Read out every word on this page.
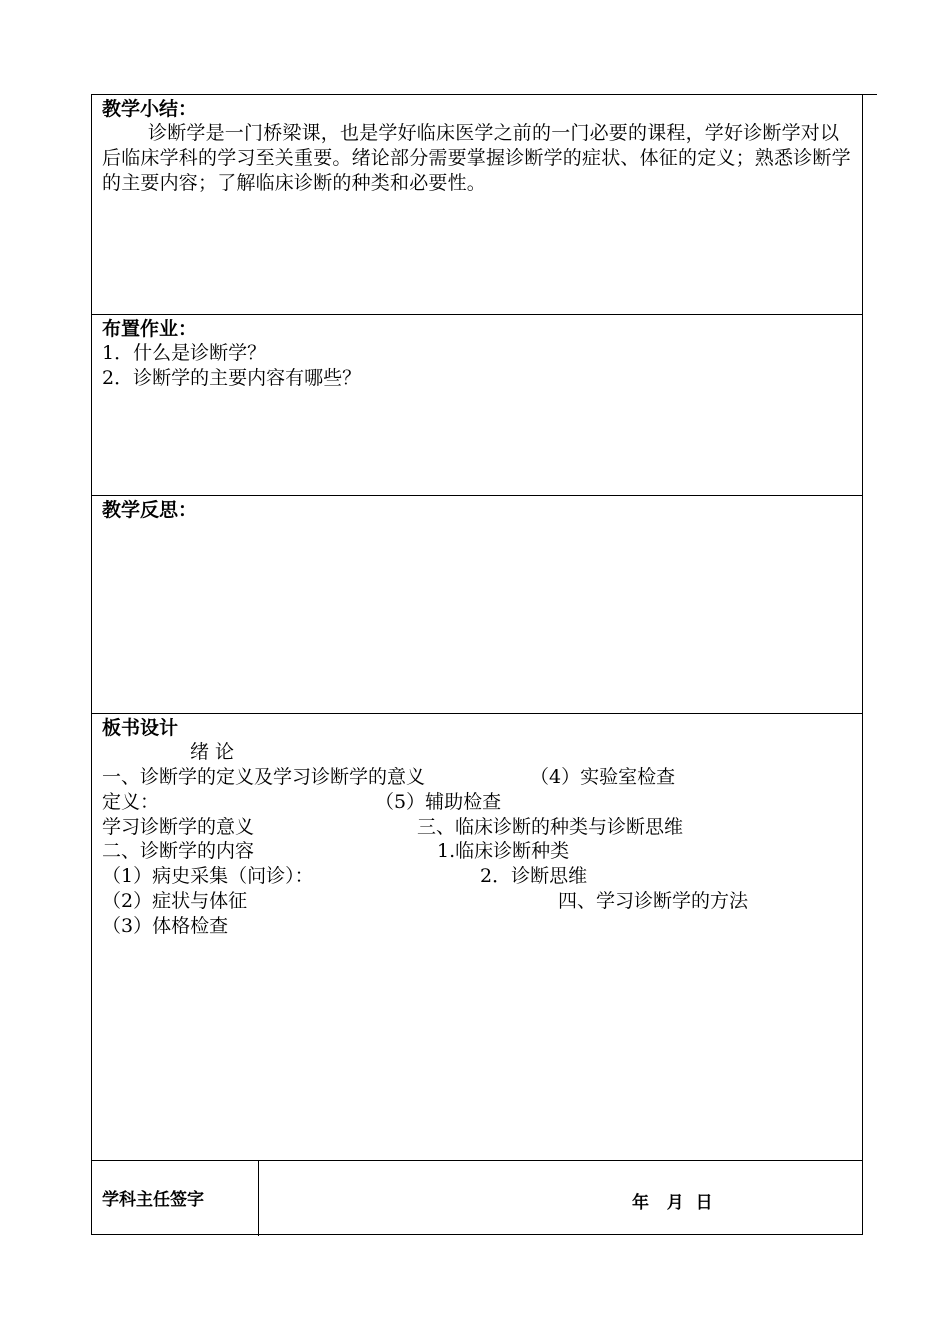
教学小结：

诊断学是一门桥梁课，也是学好临床医学之前的一门必要的课程，学好诊断学对以后临床学科的学习至关重要。绪论部分需要掌握诊断学的症状、体征的定义；熟悉诊断学的主要内容；了解临床诊断的种类和必要性。

布置作业：
1．什么是诊断学？
2．诊断学的主要内容有哪些？
教学反思：
板书设计
绪 论
一、诊断学的定义及学习诊断学的意义	（4）实验室检查
定义：	（5）辅助检查
学习诊断学的意义	三、临床诊断的种类与诊断思维
二、诊断学的内容	1.临床诊断种类
（1）病史采集（问诊）：	2．诊断思维
（2）症状与体征	四、学习诊断学的方法
（3）体格检查
学科主任签字	年   月  日
